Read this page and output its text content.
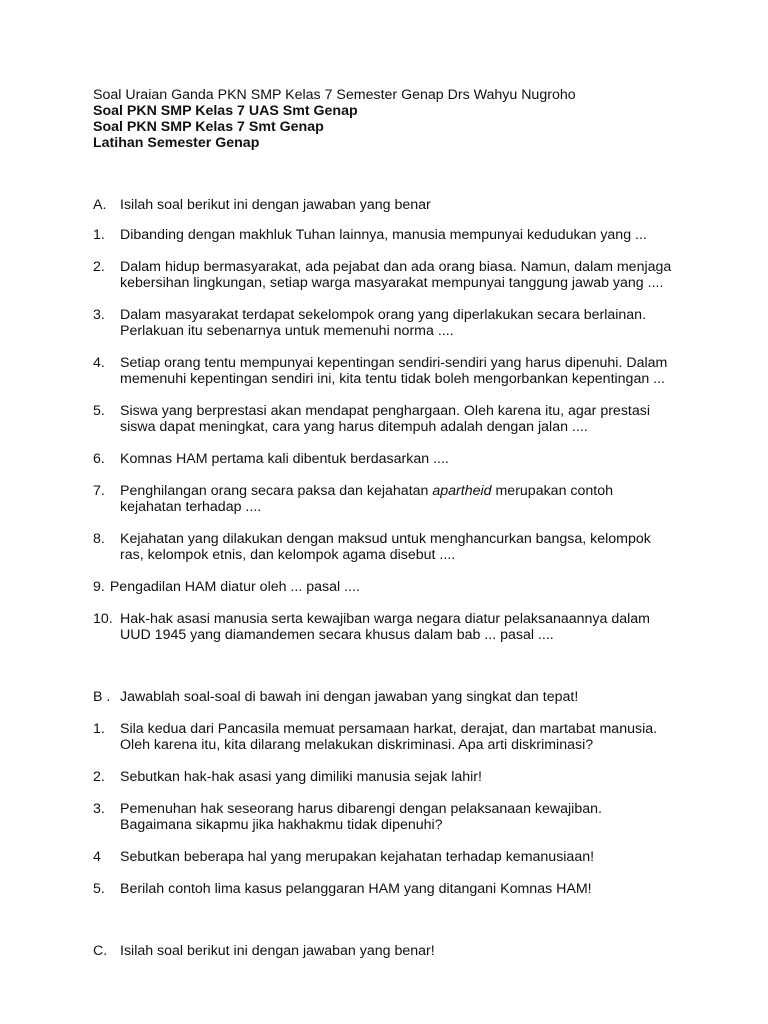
Soal Uraian Ganda PKN SMP Kelas 7 Semester Genap Drs Wahyu Nugroho
Soal PKN SMP Kelas 7 UAS Smt Genap
Soal PKN SMP Kelas 7 Smt Genap
Latihan Semester Genap
A. Isilah soal berikut ini dengan jawaban yang benar
1.	Dibanding dengan makhluk Tuhan lainnya, manusia mempunyai kedudukan yang ...

2.	Dalam hidup bermasyarakat, ada pejabat dan ada orang biasa. Namun, dalam menjaga

kebersihan lingkungan, setiap warga masyarakat mempunyai tanggung jawab yang ....

3.	Dalam masyarakat terdapat sekelompok orang yang diperlakukan secara berlainan.

Perlakuan itu sebenarnya untuk memenuhi norma ....

4.	Setiap orang tentu mempunyai kepentingan sendiri-sendiri yang harus dipenuhi. Dalam

memenuhi kepentingan sendiri ini, kita tentu tidak boleh mengorbankan kepentingan ...

5.	Siswa yang berprestasi akan mendapat penghargaan. Oleh karena itu, agar prestasi

siswa dapat meningkat, cara yang harus ditempuh adalah dengan jalan ....

6.	Komnas HAM pertama kali dibentuk berdasarkan ....

7.	Penghilangan orang secara paksa dan kejahatan apartheid merupakan contoh

kejahatan terhadap ....

8.	Kejahatan yang dilakukan dengan maksud untuk menghancurkan bangsa, kelompok

ras, kelompok etnis, dan kelompok agama disebut ....

9. Pengadilan HAM diatur oleh ... pasal ....

10. Hak-hak asasi manusia serta kewajiban warga negara diatur pelaksanaannya dalam

UUD 1945 yang diamandemen secara khusus dalam bab ... pasal ....

B . Jawablah soal-soal di bawah ini dengan jawaban yang singkat dan tepat!
1.	Sila kedua dari Pancasila memuat persamaan harkat, derajat, dan martabat manusia.

Oleh karena itu, kita dilarang melakukan diskriminasi. Apa arti diskriminasi?

2.	Sebutkan hak-hak asasi yang dimiliki manusia sejak lahir!

3.	Pemenuhan hak seseorang harus dibarengi dengan pelaksanaan kewajiban.

Bagaimana sikapmu jika hakhakmu tidak dipenuhi?

4	Sebutkan beberapa hal yang merupakan kejahatan terhadap kemanusiaan!

5.	Berilah contoh lima kasus pelanggaran HAM yang ditangani Komnas HAM!

C. Isilah soal berikut ini dengan jawaban yang benar!
